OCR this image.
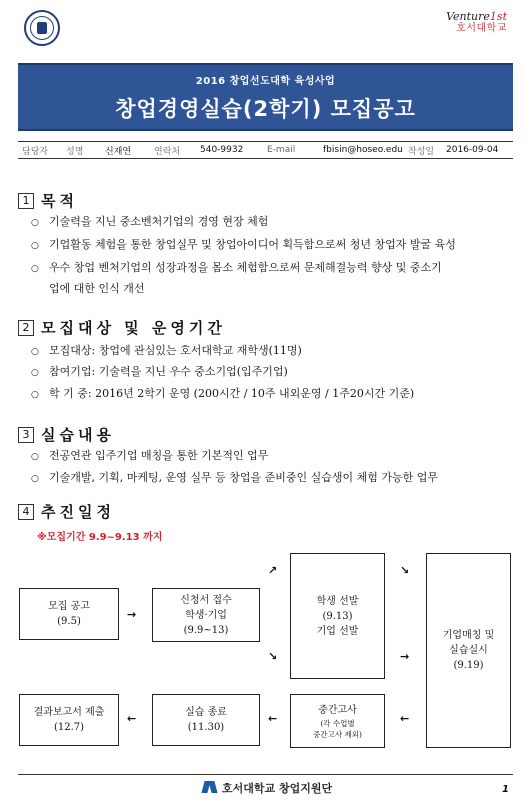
Venture1st
호서대학교
2016 창업선도대학 육성사업
창업경영실습(2학기) 모집공고
담당자 성명 신재연	연락처 540-9932	E-mail	fbisin@hoseo.edu 작성일 2016-09-04
1 목적
○ 기술력을 지닌 중소벤처기업의 경영 현장 체험
○ 기업활동 체험을 통한 창업실무 및 창업아이디어 획득함으로써 청년 창업자 발굴 육성
○ 우수 창업 벤처기업의 성장과정을 몸소 체험함으로써 문제해결능력 향상 및 중소기
업에 대한 인식 개선
2 모집대상 및 운영기간
○ 모집대상: 창업에 관심있는 호서대학교 재학생(11명)
○ 참여기업: 기술력을 지닌 우수 중소기업(입주기업)
○ 학 기 중: 2016년 2학기 운영 (200시간 / 10주 내외운영 / 1주20시간 기준)
3 실습내용
○ 전공연관 입주기업 매칭을 통한 기본적인 업무
○ 기술개발, 기획, 마케팅, 운영 실무 등 창업을 준비중인 실습생이 체험 가능한 업무
4 추진일정
※모집기간 9.9~9.13 까지
모집 공고
(9.5)
→
신청서 접수
학생·기업
(9.9~13)
↗
↘
학생 선발
(9.13)
기업 선발
↘
→
기업매칭 및
실습실시
(9.19)
←
중간고사
(각 수업별
중간고사 제외)
←
실습 종료
(11.30)
←
결과보고서 제출
(12.7)
호서대학교 창업지원단	1
